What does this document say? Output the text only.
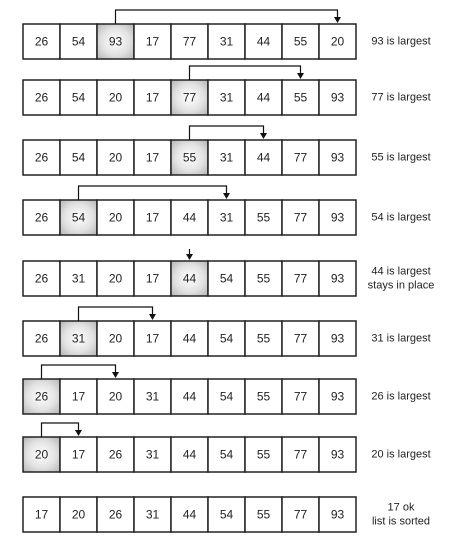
26 54 93 17 77 31 44 55 20 93 is largest
26 54 20 17 77 31 44 55 93 77 is largest
26 54 20 17 55 31 44 77 93 55 is largest
26 54 20 17 44 31 55 77 93 54 is largest
26 31 20 17 44 54 55 77 93 44 is largest
stays in place
26 31 20 17 44 54 55 77 93 31 is largest
26 17 20 31 44 54 55 77 93 26 is largest
20 17 26 31 44 54 55 77 93 20 is largest
17 20 26 31 44 54 55 77 93	17 ok
list is sorted
